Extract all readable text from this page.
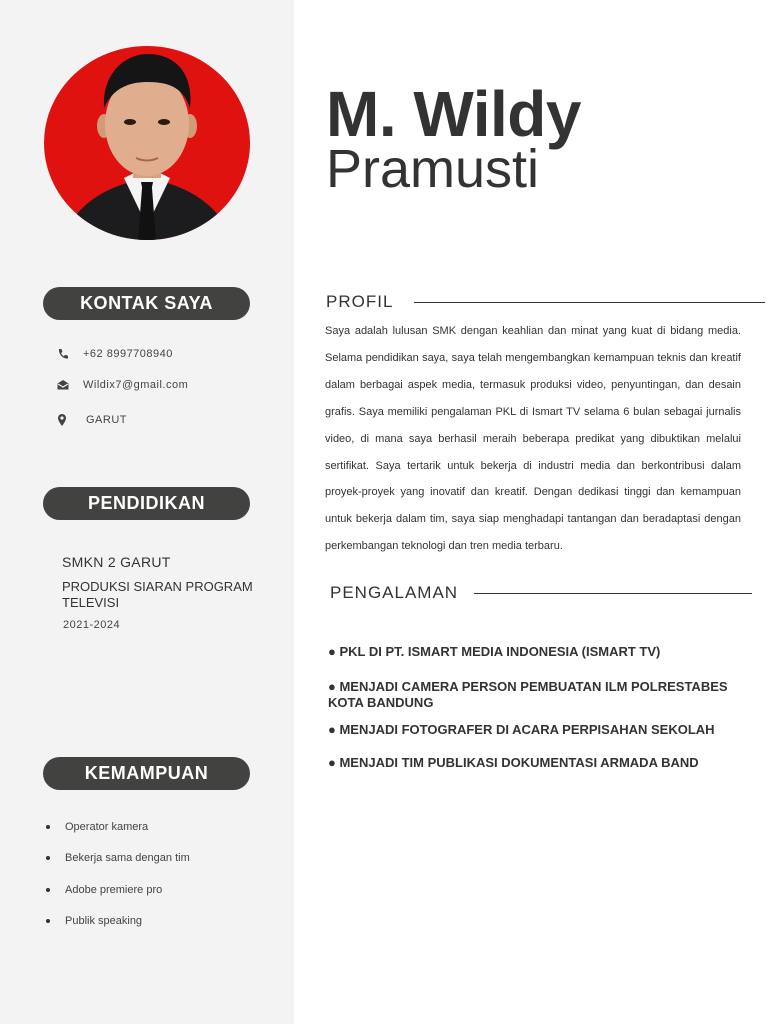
KONTAK SAYA
+62 8997708940
Wildix7@gmail.com
GARUT
PENDIDIKAN
SMKN 2 GARUT
PRODUKSI SIARAN PROGRAM TELEVISI
2021-2024
KEMAMPUAN
Operator kamera
Bekerja sama dengan tim
Adobe premiere pro
Publik speaking
M. Wildy
Pramusti
PROFIL
Saya adalah lulusan SMK dengan keahlian dan minat yang kuat di bidang media. Selama pendidikan saya, saya telah mengembangkan kemampuan teknis dan kreatif dalam berbagai aspek media, termasuk produksi video, penyuntingan, dan desain grafis. Saya memiliki pengalaman PKL di Ismart TV selama 6 bulan sebagai jurnalis video, di mana saya berhasil meraih beberapa predikat yang dibuktikan melalui sertifikat. Saya tertarik untuk bekerja di industri media dan berkontribusi dalam proyek-proyek yang inovatif dan kreatif. Dengan dedikasi tinggi dan kemampuan untuk bekerja dalam tim, saya siap menghadapi tantangan dan beradaptasi dengan perkembangan teknologi dan tren media terbaru.
PENGALAMAN
● PKL DI PT. ISMART MEDIA INDONESIA (ISMART TV)
● MENJADI CAMERA PERSON PEMBUATAN ILM POLRESTABES KOTA BANDUNG
● MENJADI FOTOGRAFER DI ACARA PERPISAHAN SEKOLAH
● MENJADI TIM PUBLIKASI DOKUMENTASI ARMADA BAND
